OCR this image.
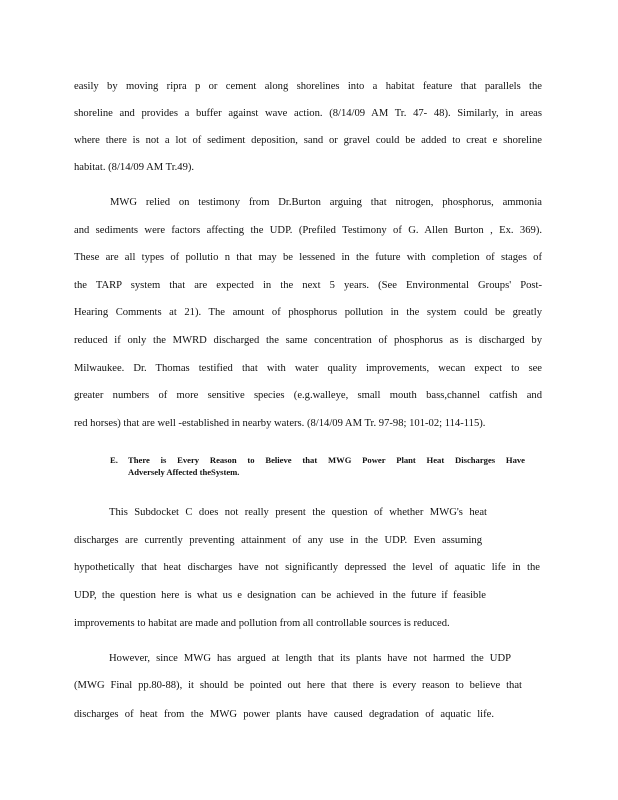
easily by moving ripra p or cement along shorelines into a habitat feature that parallels the
shoreline and provides a buffer against wave action. (8/14/09 AM Tr. 47- 48). Similarly, in areas
where there is not a lot of sediment deposition, sand or gravel could be added to creat e shoreline
habitat. (8/14/09 AM Tr.49).
MWG relied on testimony from Dr.Burton arguing that nitrogen, phosphorus, ammonia
and sediments were factors affecting the UDP. (Prefiled Testimony of G. Allen Burton , Ex. 369).
These are all types of pollutio n that may be lessened in the future with completion of stages of
the TARP system that are expected in the next 5 years. (See Environmental Groups' Post-
Hearing Comments at 21). The amount of phosphorus pollution in the system could be greatly
reduced if only the MWRD discharged the same concentration of phosphorus as is discharged by
Milwaukee. Dr. Thomas testified that with water quality improvements, wecan expect to see
greater numbers of more sensitive species (e.g.walleye, small mouth bass,channel catfish and
red horses) that are well -established in nearby waters. (8/14/09 AM Tr. 97-98; 101-02; 114-115).
E. There is Every Reason to Believe that MWG Power Plant Heat Discharges Have
Adversely Affected theSystem.
This Subdocket C does not really present the question of whether MWG's heat
discharges are currently preventing attainment of any use in the UDP. Even assuming
hypothetically that heat discharges have not significantly depressed the level of aquatic life in the
UDP, the question here is what us e designation can be achieved in the future if feasible
improvements to habitat are made and pollution from all controllable sources is reduced.
However, since MWG has argued at length that its plants have not harmed the UDP
(MWG Final pp.80-88), it should be pointed out here that there is every reason to believe that
discharges of heat from the MWG power plants have caused degradation of aquatic life.
